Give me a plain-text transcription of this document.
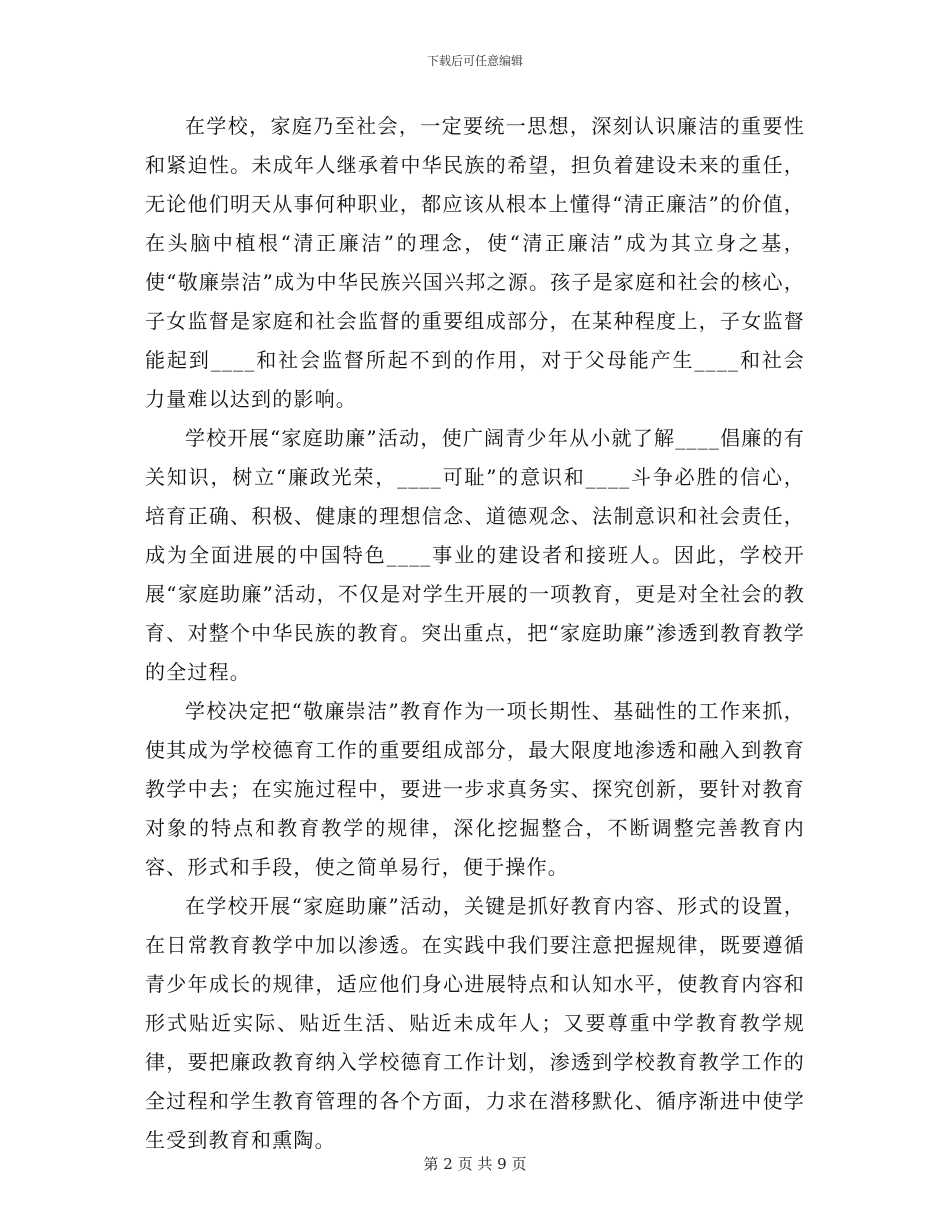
下载后可任意编辑

在学校，家庭乃至社会，一定要统一思想，深刻认识廉洁的重要性和紧迫性。未成年人继承着中华民族的希望，担负着建设未来的重任，无论他们明天从事何种职业，都应该从根本上懂得“清正廉洁”的价值，在头脑中植根“清正廉洁”的理念，使“清正廉洁”成为其立身之基，使“敬廉崇洁”成为中华民族兴国兴邦之源。孩子是家庭和社会的核心，子女监督是家庭和社会监督的重要组成部分，在某种程度上，子女监督能起到____和社会监督所起不到的作用，对于父母能产生____和社会力量难以达到的影响。

学校开展“家庭助廉”活动，使广阔青少年从小就了解____倡廉的有关知识，树立“廉政光荣，____可耻”的意识和____斗争必胜的信心，培育正确、积极、健康的理想信念、道德观念、法制意识和社会责任，成为全面进展的中国特色____事业的建设者和接班人。因此，学校开展“家庭助廉”活动，不仅是对学生开展的一项教育，更是对全社会的教育、对整个中华民族的教育。突出重点，把“家庭助廉”渗透到教育教学的全过程。

学校决定把“敬廉崇洁”教育作为一项长期性、基础性的工作来抓，使其成为学校德育工作的重要组成部分，最大限度地渗透和融入到教育教学中去；在实施过程中，要进一步求真务实、探究创新，要针对教育对象的特点和教育教学的规律，深化挖掘整合，不断调整完善教育内容、形式和手段，使之简单易行，便于操作。

在学校开展“家庭助廉”活动，关键是抓好教育内容、形式的设置，在日常教育教学中加以渗透。在实践中我们要注意把握规律，既要遵循青少年成长的规律，适应他们身心进展特点和认知水平，使教育内容和形式贴近实际、贴近生活、贴近未成年人；又要尊重中学教育教学规律，要把廉政教育纳入学校德育工作计划，渗透到学校教育教学工作的全过程和学生教育管理的各个方面，力求在潜移默化、循序渐进中使学生受到教育和熏陶。

第 2 页 共 9 页
